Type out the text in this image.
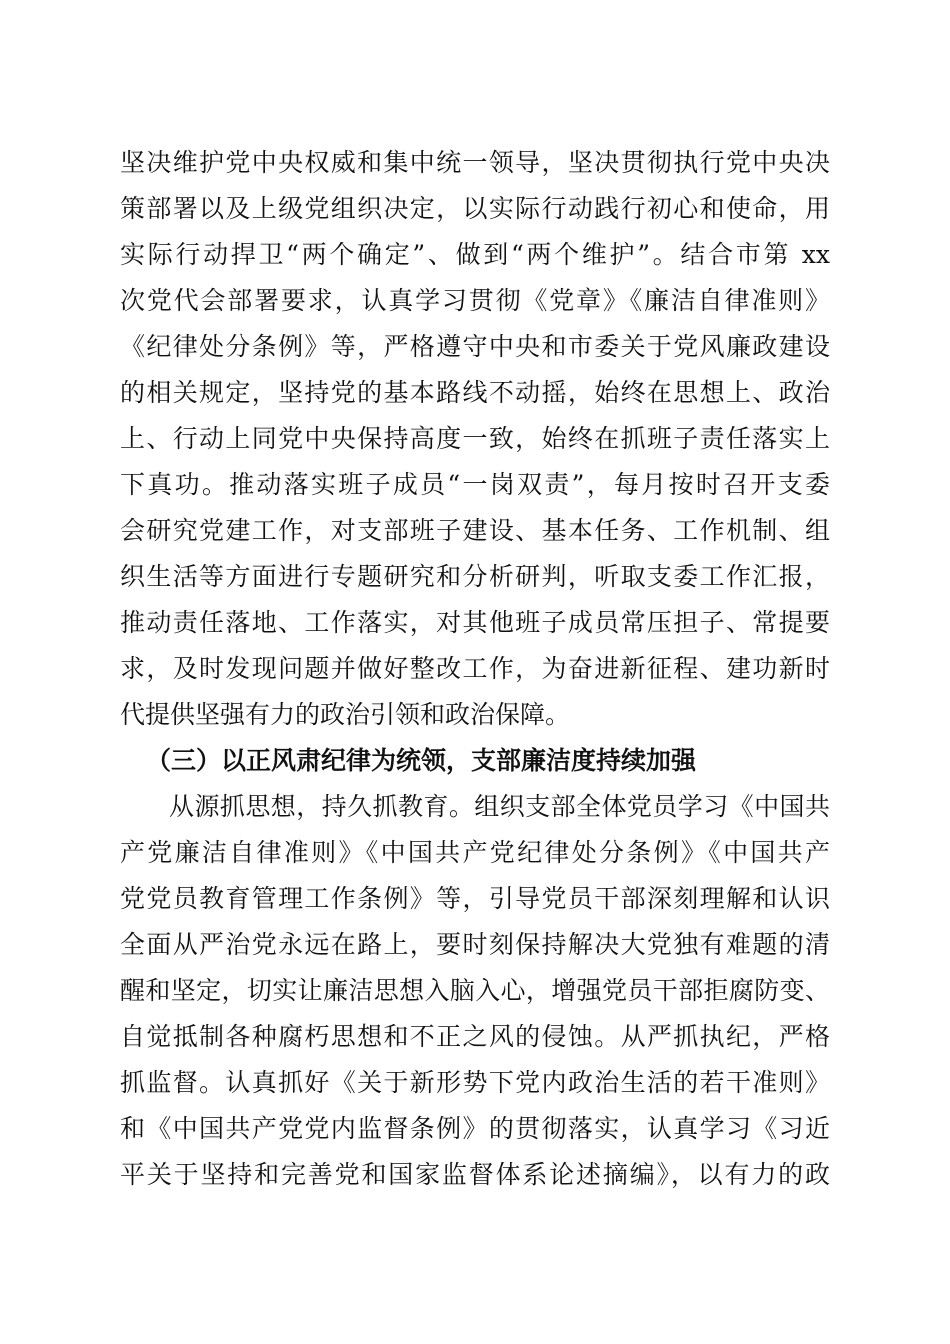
坚决维护党中央权威和集中统一领导，坚决贯彻执行党中央决
策部署以及上级党组织决定，以实际行动践行初心和使命，用
实际行动捍卫“两个确定”、做到“两个维护”。结合市第 xx
次党代会部署要求，认真学习贯彻《党章》《廉洁自律准则》
《纪律处分条例》等，严格遵守中央和市委关于党风廉政建设
的相关规定，坚持党的基本路线不动摇，始终在思想上、政治
上、行动上同党中央保持高度一致，始终在抓班子责任落实上
下真功。推动落实班子成员“一岗双责”，每月按时召开支委
会研究党建工作，对支部班子建设、基本任务、工作机制、组
织生活等方面进行专题研究和分析研判，听取支委工作汇报，
推动责任落地、工作落实，对其他班子成员常压担子、常提要
求，及时发现问题并做好整改工作，为奋进新征程、建功新时
代提供坚强有力的政治引领和政治保障。
（三）以正风肃纪律为统领，支部廉洁度持续加强
从源抓思想，持久抓教育。组织支部全体党员学习《中国共
产党廉洁自律准则》《中国共产党纪律处分条例》《中国共产
党党员教育管理工作条例》等，引导党员干部深刻理解和认识
全面从严治党永远在路上，要时刻保持解决大党独有难题的清
醒和坚定，切实让廉洁思想入脑入心，增强党员干部拒腐防变、
自觉抵制各种腐朽思想和不正之风的侵蚀。从严抓执纪，严格
抓监督。认真抓好《关于新形势下党内政治生活的若干准则》
和《中国共产党党内监督条例》的贯彻落实，认真学习《习近
平关于坚持和完善党和国家监督体系论述摘编》，以有力的政
